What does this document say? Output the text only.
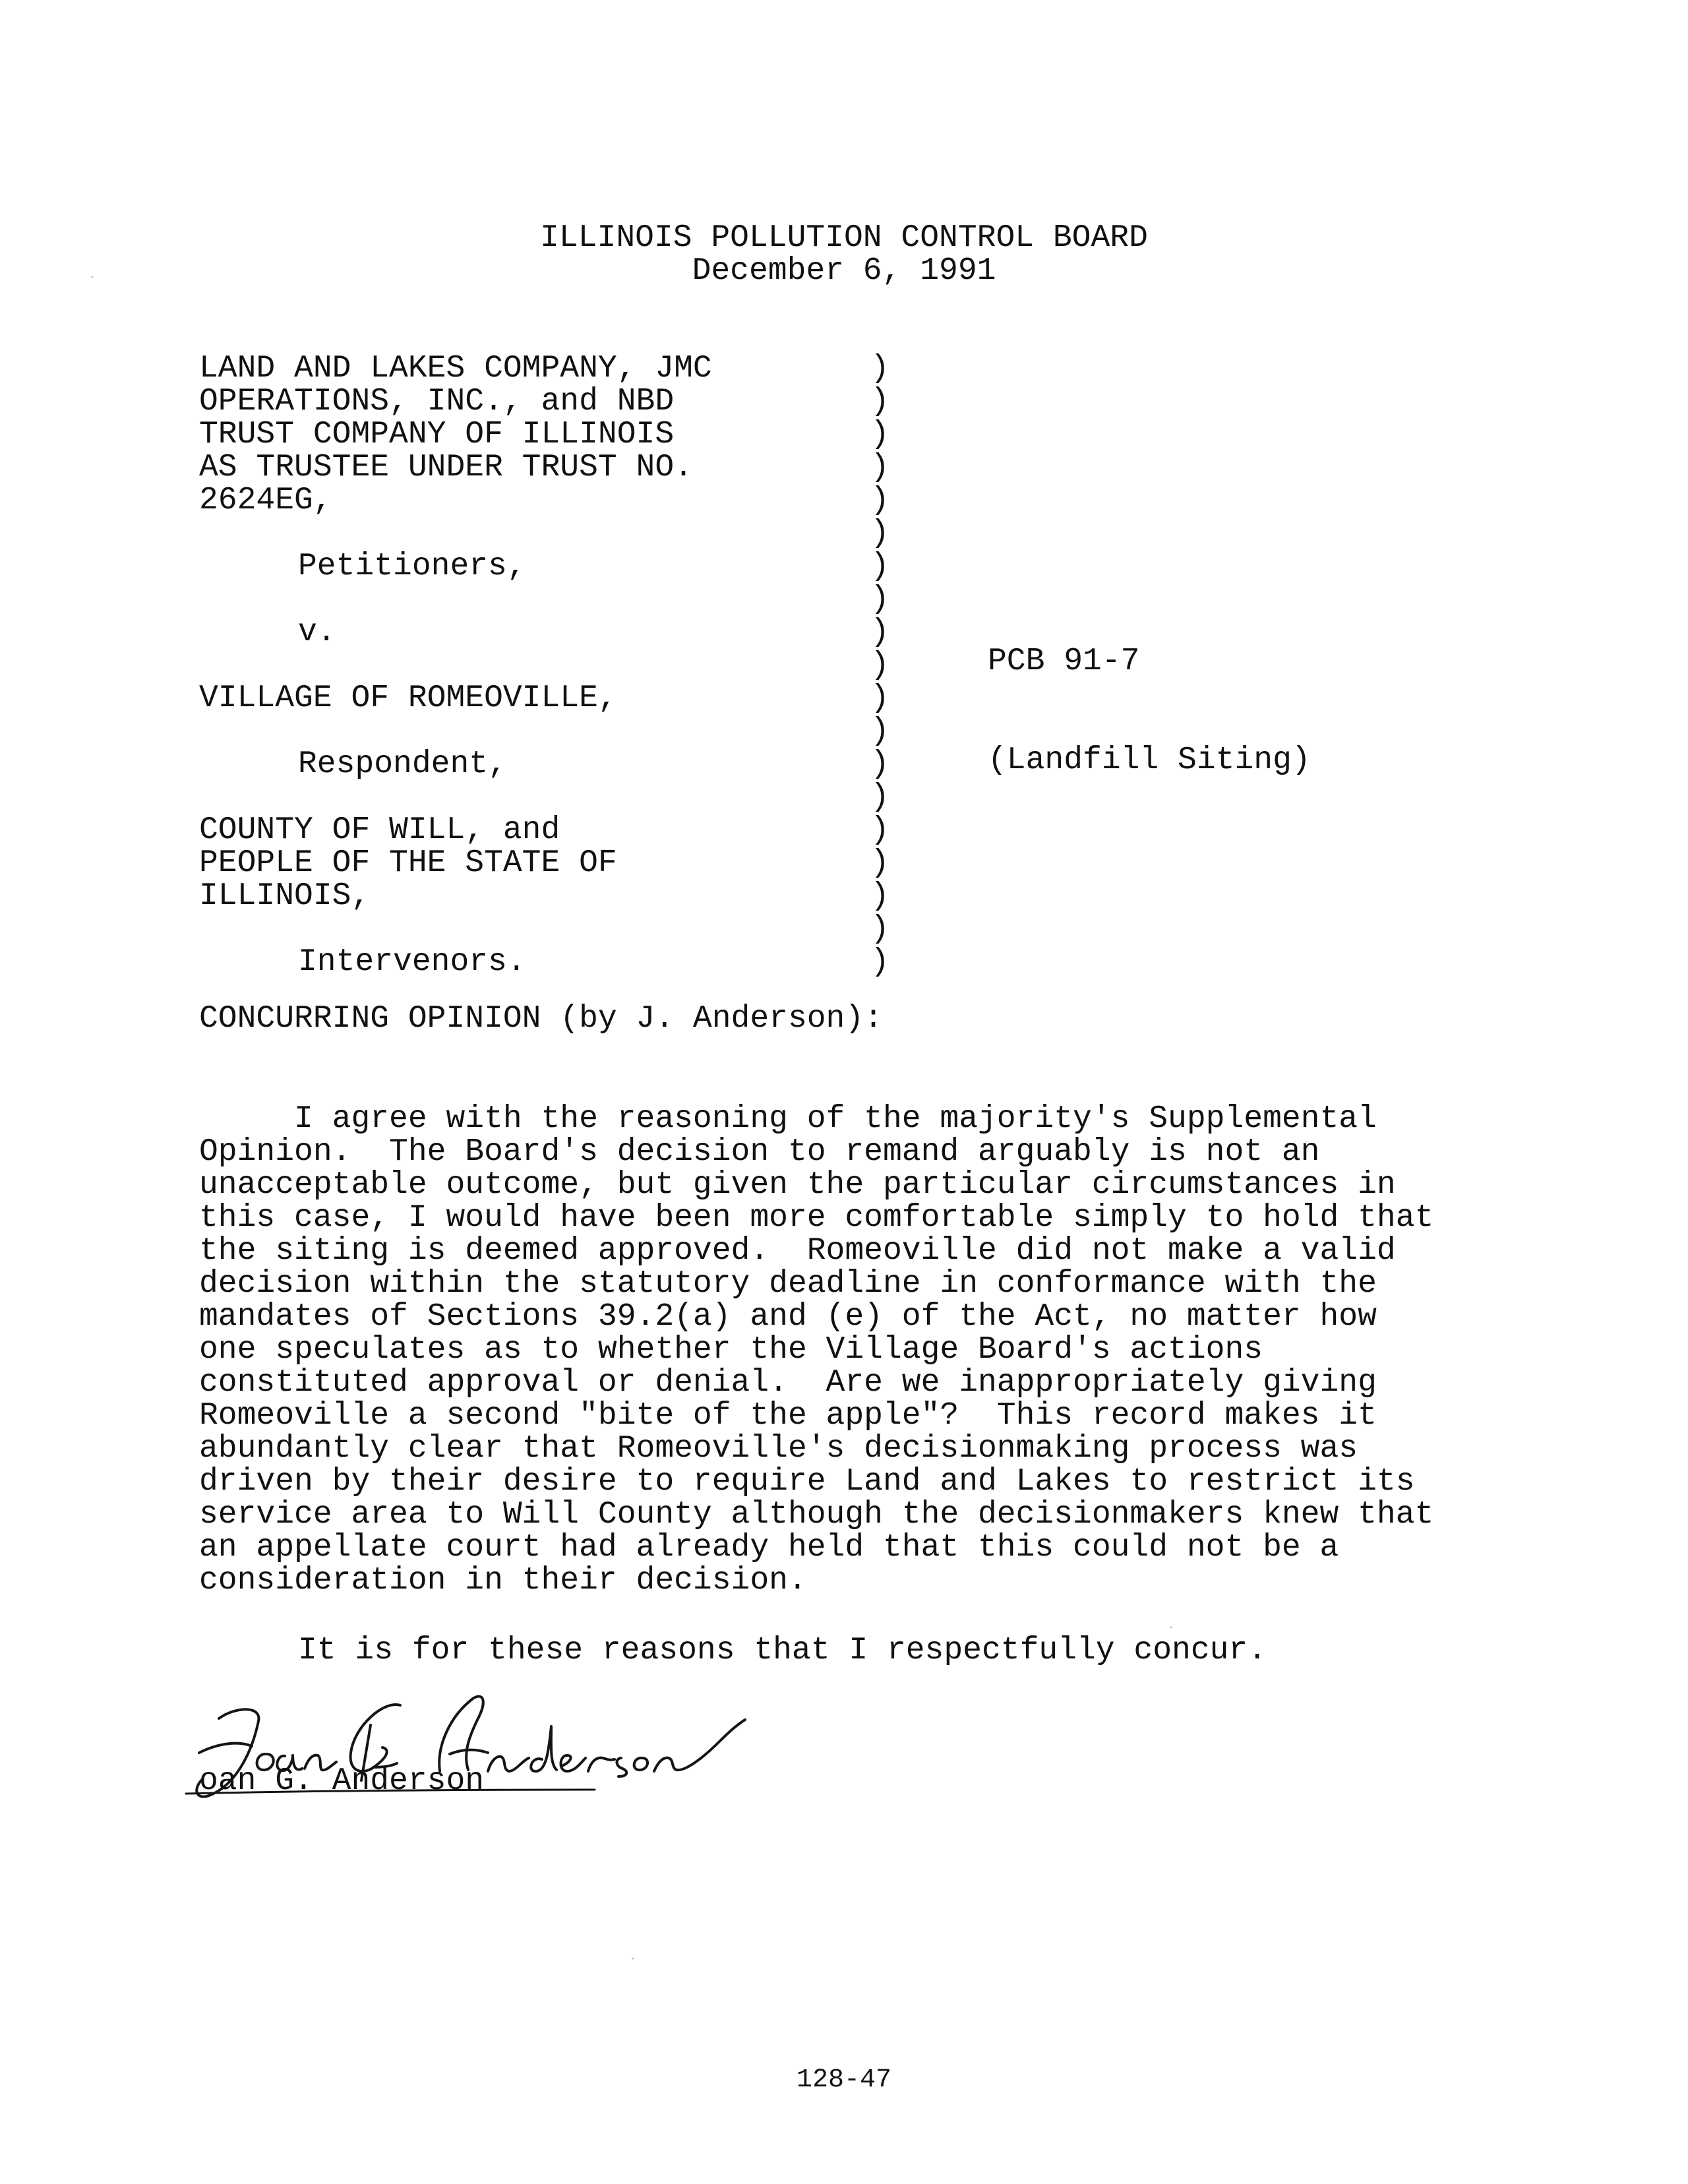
ILLINOIS POLLUTION CONTROL BOARD
December 6, 1991
LAND AND LAKES COMPANY, JMC
OPERATIONS, INC., and NBD
TRUST COMPANY OF ILLINOIS
AS TRUSTEE UNDER TRUST NO.
2624EG,

Petitioners,

v.

VILLAGE OF ROMEOVILLE,

Respondent,

COUNTY OF WILL, and
PEOPLE OF THE STATE OF
ILLINOIS,

Intervenors.
)
)
)
)
)
)
)
)
)
)
)
)
)
)
)
)
)
)
)

PCB 91-7

(Landfill Siting)

CONCURRING OPINION (by J. Anderson):
I agree with the reasoning of the majority's Supplemental
Opinion.  The Board's decision to remand arguably is not an
unacceptable outcome, but given the particular circumstances in
this case, I would have been more comfortable simply to hold that
the siting is deemed approved.  Romeoville did not make a valid
decision within the statutory deadline in conformance with the
mandates of Sections 39.2(a) and (e) of the Act, no matter how
one speculates as to whether the Village Board's actions
constituted approval or denial.  Are we inappropriately giving
Romeoville a second "bite of the apple"?  This record makes it
abundantly clear that Romeoville's decisionmaking process was
driven by their desire to require Land and Lakes to restrict its
service area to Will County although the decisionmakers knew that
an appellate court had already held that this could not be a
consideration in their decision.
It is for these reasons that I respectfully concur.
oan G. Anderson
128-47
